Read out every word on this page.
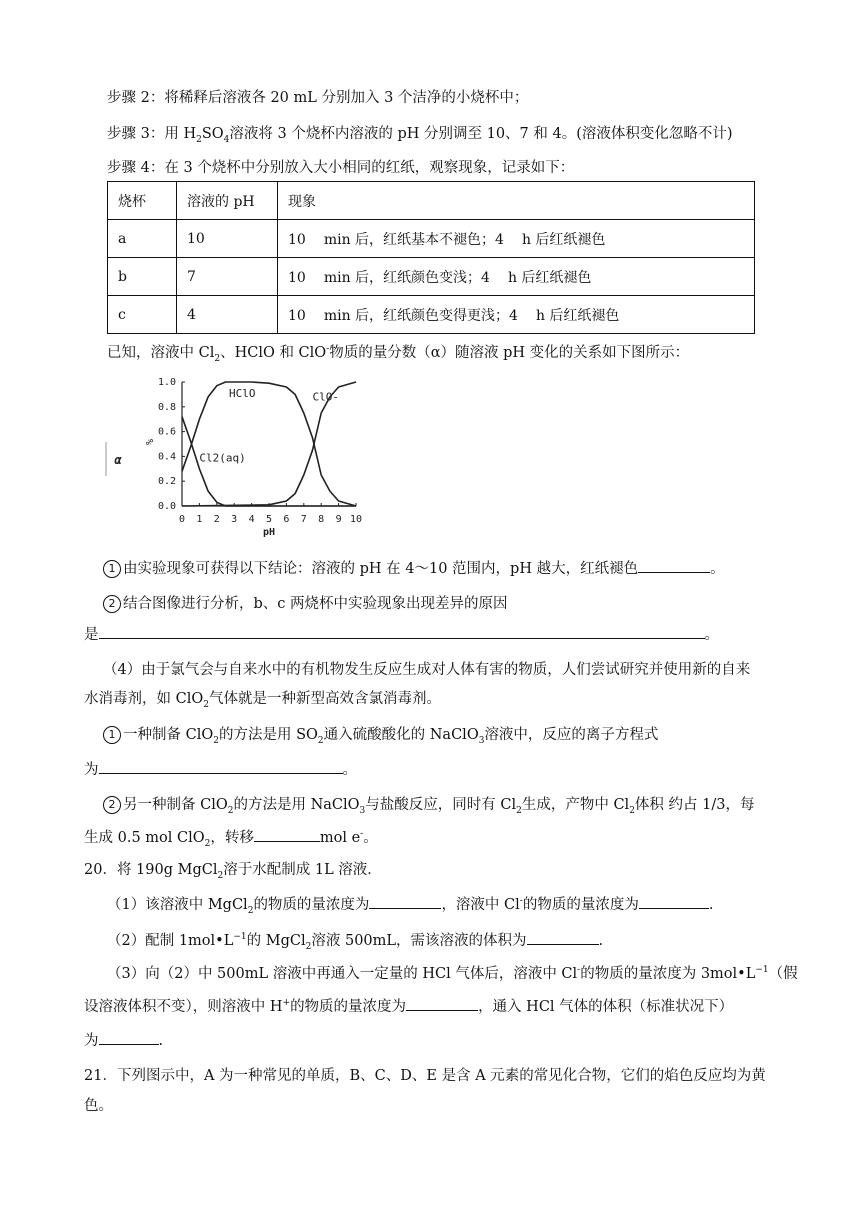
步骤 2：将稀释后溶液各 20 mL 分别加入 3 个洁净的小烧杯中；
步骤 3：用 $H_2SO_4$溶液将 3 个烧杯内溶液的 pH 分别调至 10、7 和 4。(溶液体积变化忽略不计)
步骤 4：在 3 个烧杯中分别放入大小相同的红纸，观察现象，记录如下：
烧杯	溶液的 pH	现象
a	10	10 min 后，红纸基本不褪色；4 h 后红纸褪色
b	7	10 min 后，红纸颜色变浅；4 h 后红纸褪色
c	4	10 min 后，红纸颜色变得更浅；4 h 后红纸褪色
已知，溶液中 $Cl_2$、HClO 和 ClO-物质的量分数（α）随溶液 pH 变化的关系如下图所示：
0 1 2 3 4 5 6 7 8 9 10
0.0
0.2
0.4
0.6
0.8
1.0
pH
%
α	Cl2(aq)
HClO	ClO-
1 由实验现象可获得以下结论：溶液的 pH 在 4～10 范围内，pH 越大，红纸褪色	。
2 结合图像进行分析，b、c 两烧杯中实验现象出现差异的原因
是	。
（4）由于氯气会与自来水中的有机物发生反应生成对人体有害的物质，人们尝试研究并使用新的自来
水消毒剂，如 ClO$_2$气体就是一种新型高效含氯消毒剂。
1 一种制备 ClO$_2$的方法是用 $SO_2$通入硫酸酸化的 NaClO$_3$溶液中，反应的离子方程式
为	。
2 另一种制备 ClO$_2$的方法是用 NaClO$_3$与盐酸反应，同时有 $Cl_2$生成，产物中 $Cl_2$体积 约占 1/3，每
生成 0.5 mol ClO$_2$，转移	mol e-。
20．将 190g MgCl$_2$溶于水配制成 1L 溶液．
（1）该溶液中 MgCl$_2$的物质的量浓度为	，溶液中 Cl-的物质的量浓度为	.
（2）配制 $1mol•L^{-1}$的 MgCl$_2$溶液 500mL，需该溶液的体积为	.
（3）向（2）中 500mL 溶液中再通入一定量的 HCl 气体后，溶液中 Cl-的物质的量浓度为 $3mol•L^{-1}$（假
设溶液体积不变），则溶液中 H+的物质的量浓度为	，通入 HCl 气体的体积（标准状况下）
为	.
21．下列图示中，A 为一种常见的单质，B、C、D、E 是含 A 元素的常见化合物，它们的焰色反应均为黄
色。
